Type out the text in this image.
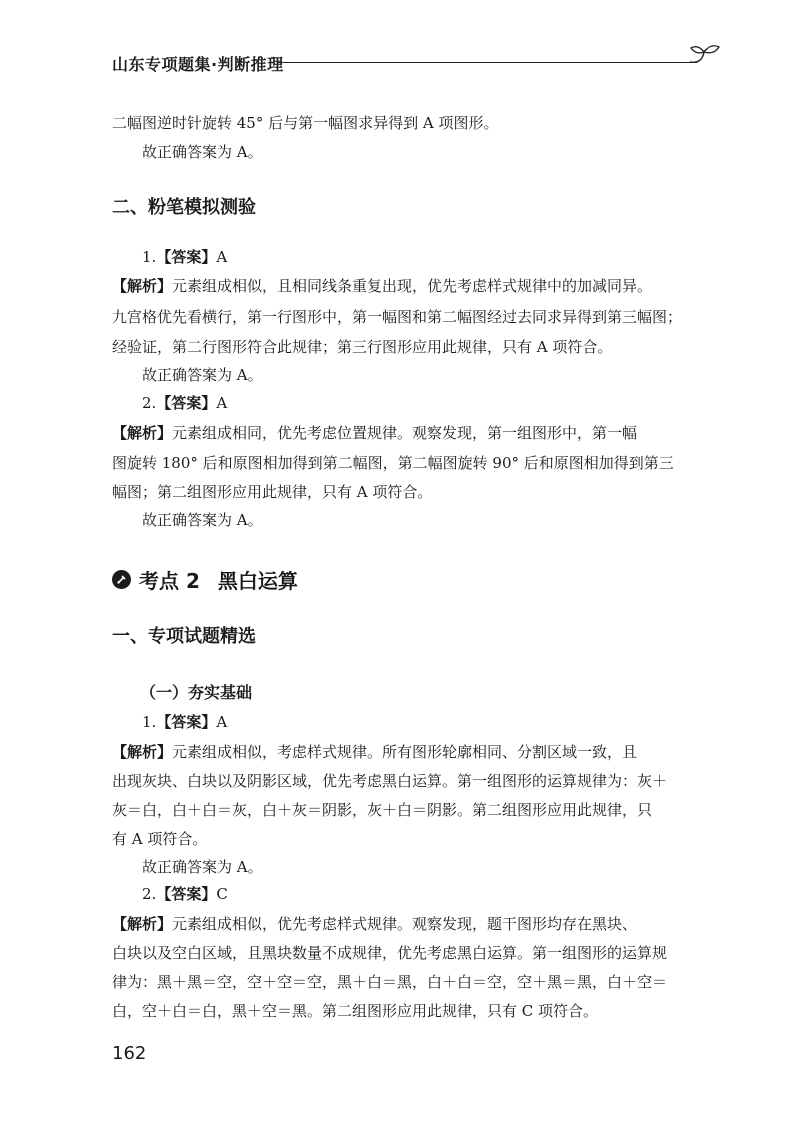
山东专项题集·判断推理
二幅图逆时针旋转 45° 后与第一幅图求异得到 A 项图形。
故正确答案为 A。
二、粉笔模拟测验
1.【答案】A
【解析】元素组成相似，且相同线条重复出现，优先考虑样式规律中的加减同异。
九宫格优先看横行，第一行图形中，第一幅图和第二幅图经过去同求异得到第三幅图；
经验证，第二行图形符合此规律；第三行图形应用此规律，只有 A 项符合。
故正确答案为 A。
2.【答案】A
【解析】元素组成相同，优先考虑位置规律。观察发现，第一组图形中，第一幅
图旋转 180° 后和原图相加得到第二幅图，第二幅图旋转 90° 后和原图相加得到第三
幅图；第二组图形应用此规律，只有 A 项符合。
故正确答案为 A。
考点 2 黑白运算
一、专项试题精选
（一）夯实基础
1.【答案】A
【解析】元素组成相似，考虑样式规律。所有图形轮廓相同、分割区域一致，且
出现灰块、白块以及阴影区域，优先考虑黑白运算。第一组图形的运算规律为：灰＋
灰＝白，白＋白＝灰，白＋灰＝阴影，灰＋白＝阴影。第二组图形应用此规律，只
有 A 项符合。
故正确答案为 A。
2.【答案】C
【解析】元素组成相似，优先考虑样式规律。观察发现，题干图形均存在黑块、
白块以及空白区域，且黑块数量不成规律，优先考虑黑白运算。第一组图形的运算规
律为：黑＋黑＝空，空＋空＝空，黑＋白＝黑，白＋白＝空，空＋黑＝黑，白＋空＝
白，空＋白＝白，黑＋空＝黑。第二组图形应用此规律，只有 C 项符合。
162
